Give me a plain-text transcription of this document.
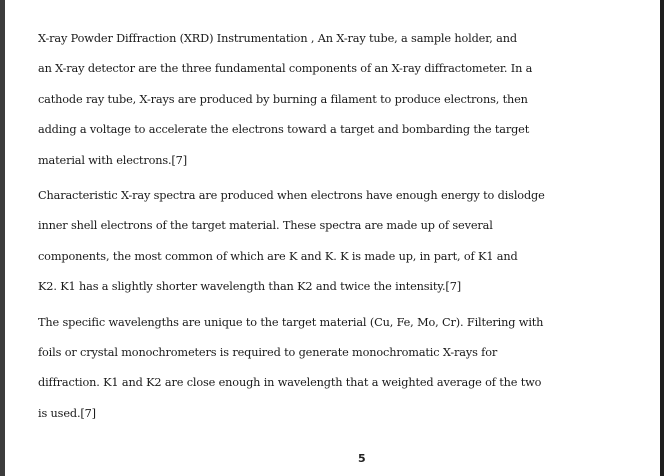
X-ray Powder Diffraction (XRD) Instrumentation , An X-ray tube, a sample holder, and
an X-ray detector are the three fundamental components of an X-ray diffractometer. In a
cathode ray tube, X-rays are produced by burning a filament to produce electrons, then
adding a voltage to accelerate the electrons toward a target and bombarding the target
material with electrons.[7]

Characteristic X-ray spectra are produced when electrons have enough energy to dislodge
inner shell electrons of the target material. These spectra are made up of several
components, the most common of which are K and K. K is made up, in part, of K1 and
K2. K1 has a slightly shorter wavelength than K2 and twice the intensity.[7]

The specific wavelengths are unique to the target material (Cu, Fe, Mo, Cr). Filtering with
foils or crystal monochrometers is required to generate monochromatic X-rays for
diffraction. K1 and K2 are close enough in wavelength that a weighted average of the two
is used.[7]

5
